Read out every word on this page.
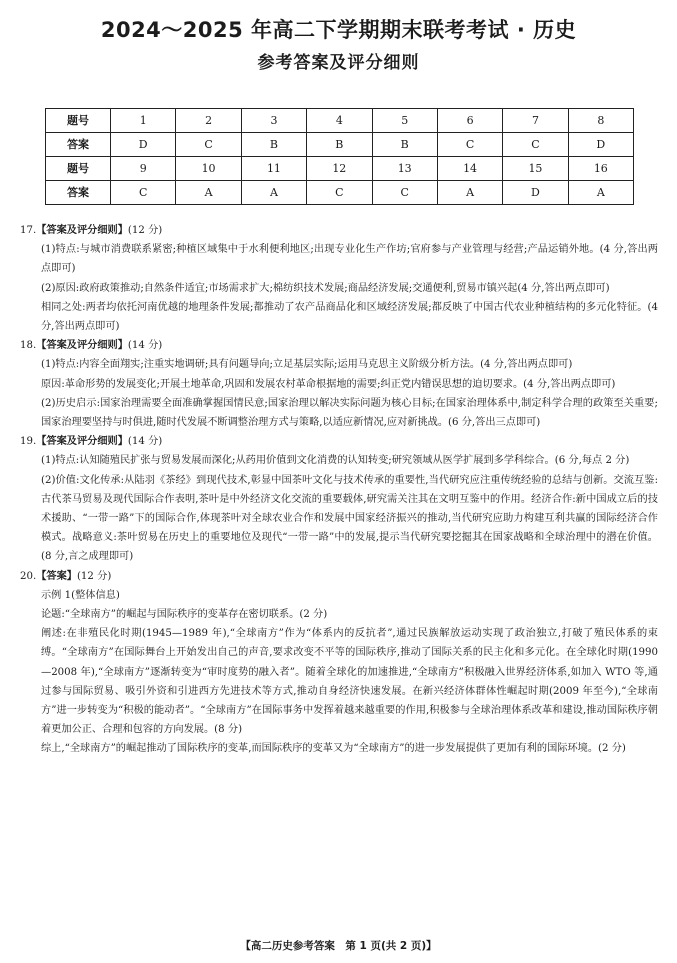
2024～2025 年高二下学期期末联考考试 · 历史
参考答案及评分细则
题号	1	2	3	4	5	6	7	8
答案	D	C	B	B	B	C	C	D
题号	9	10	11	12	13	14	15	16
答案	C	A	A	C	C	A	D	A

17.【答案及评分细则】(12 分)

(1)特点:与城市消费联系紧密;种植区域集中于水利便利地区;出现专业化生产作坊;官府参与产业管理与经营;产品运销外地。(4 分,答出两点即可)

(2)原因:政府政策推动;自然条件适宜;市场需求扩大;棉纺织技术发展;商品经济发展;交通便利,贸易市镇兴起(4 分,答出两点即可)

相同之处:两者均依托河南优越的地理条件发展;都推动了农产品商品化和区域经济发展;都反映了中国古代农业种植结构的多元化特征。(4 分,答出两点即可)

18.【答案及评分细则】(14 分)

(1)特点:内容全面翔实;注重实地调研;具有问题导向;立足基层实际;运用马克思主义阶级分析方法。(4 分,答出两点即可)

原因:革命形势的发展变化;开展土地革命,巩固和发展农村革命根据地的需要;纠正党内错误思想的迫切要求。(4 分,答出两点即可)

(2)历史启示:国家治理需要全面准确掌握国情民意;国家治理以解决实际问题为核心目标;在国家治理体系中,制定科学合理的政策至关重要;国家治理要坚持与时俱进,随时代发展不断调整治理方式与策略,以适应新情况,应对新挑战。(6 分,答出三点即可)

19.【答案及评分细则】(14 分)

(1)特点:认知随殖民扩张与贸易发展而深化;从药用价值到文化消费的认知转变;研究领域从医学扩展到多学科综合。(6 分,每点 2 分)

(2)价值:文化传承:从陆羽《茶经》到现代技术,彰显中国茶叶文化与技术传承的重要性,当代研究应注重传统经验的总结与创新。交流互鉴:古代茶马贸易及现代国际合作表明,茶叶是中外经济文化交流的重要载体,研究需关注其在文明互鉴中的作用。经济合作:新中国成立后的技术援助、“一带一路”下的国际合作,体现茶叶对全球农业合作和发展中国家经济振兴的推动,当代研究应助力构建互利共赢的国际经济合作模式。战略意义:茶叶贸易在历史上的重要地位及现代“一带一路”中的发展,提示当代研究要挖掘其在国家战略和全球治理中的潜在价值。(8 分,言之成理即可)

20.【答案】(12 分)

示例 1(整体信息)

论题:“全球南方”的崛起与国际秩序的变革存在密切联系。(2 分)

阐述:在非殖民化时期(1945—1989 年),“全球南方”作为“体系内的反抗者”,通过民族解放运动实现了政治独立,打破了殖民体系的束缚。“全球南方”在国际舞台上开始发出自己的声音,要求改变不平等的国际秩序,推动了国际关系的民主化和多元化。在全球化时期(1990—2008 年),“全球南方”逐渐转变为“审时度势的融入者”。随着全球化的加速推进,“全球南方”积极融入世界经济体系,如加入 WTO 等,通过参与国际贸易、吸引外资和引进西方先进技术等方式,推动自身经济快速发展。在新兴经济体群体性崛起时期(2009 年至今),“全球南方”进一步转变为“积极的能动者”。“全球南方”在国际事务中发挥着越来越重要的作用,积极参与全球治理体系改革和建设,推动国际秩序朝着更加公正、合理和包容的方向发展。(8 分)

综上,“全球南方”的崛起推动了国际秩序的变革,而国际秩序的变革又为“全球南方”的进一步发展提供了更加有利的国际环境。(2 分)

【高二历史参考答案　第 1 页(共 2 页)】
